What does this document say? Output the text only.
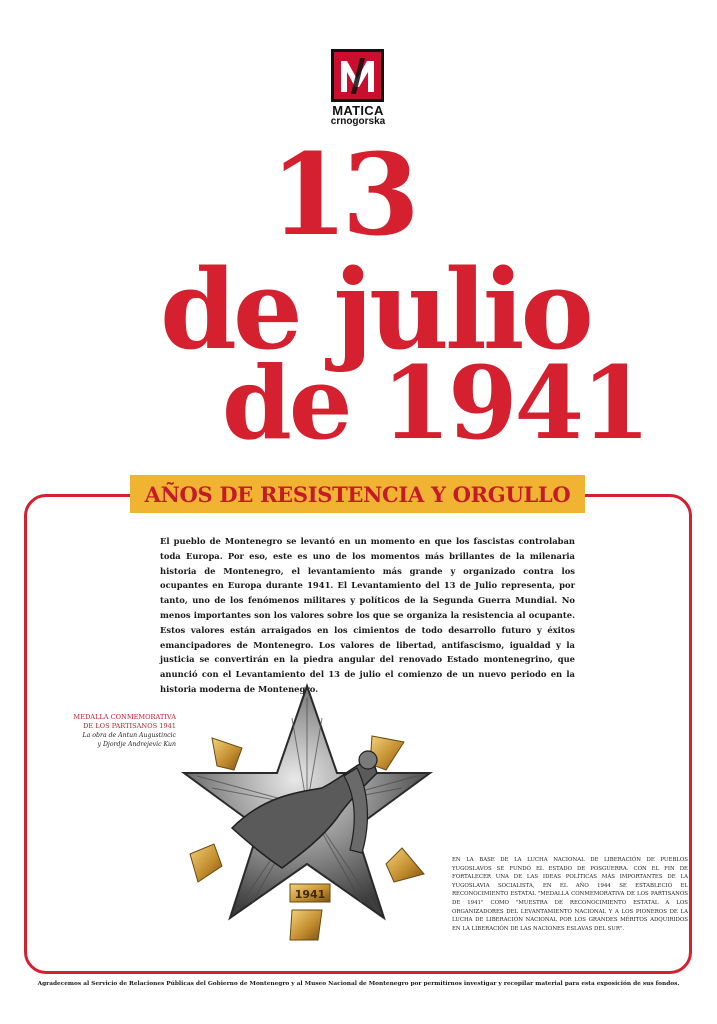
MATICA
crnogorska
13
de julio
de 1941
AÑOS DE RESISTENCIA Y ORGULLO
El pueblo de Montenegro se levantó en un momento en que los fascistas controlaban toda Europa. Por eso, este es uno de los momentos más brillantes de la milenaria historia de Montenegro, el levantamiento más grande y organizado contra los ocupantes en Europa durante 1941. El Levantamiento del 13 de Julio representa, por tanto, uno de los fenómenos militares y políticos de la Segunda Guerra Mundial. No menos importantes son los valores sobre los que se organiza la resistencia al ocupante. Estos valores están arraigados en los cimientos de todo desarrollo futuro y éxitos emancipadores de Montenegro. Los valores de libertad, antifascismo, igualdad y la justicia se convertirán en la piedra angular del renovado Estado montenegrino, que anunció con el Levantamiento del 13 de julio el comienzo de un nuevo periodo en la historia moderna de Montenegro.
MEDALLA CONMEMORATIVA
DE LOS PARTISANOS 1941
La obra de Antun Augustincic
y Djordje Andrejevic Kun
1941
EN LA BASE DE LA LUCHA NACIONAL DE LIBERACIÓN DE PUEBLOS YUGOSLAVOS SE FUNDÓ EL ESTADO DE POSGUERRA. CON EL FIN DE FORTALECER UNA DE LAS IDEAS POLÍTICAS MÁS IMPORTANTES DE LA YUGOSLAVIA SOCIALISTA, EN EL AÑO 1944 SE ESTABLECIÓ EL RECONOCIMIENTO ESTATAL "MEDALLA CONMEMORATIVA DE LOS PARTISANOS DE 1941" COMO "MUESTRA DE RECONOCIMIENTO ESTATAL A LOS ORGANIZADORES DEL LEVANTAMIENTO NACIONAL Y A LOS PIONEROS DE LA LUCHA DE LIBERACIÓN NACIONAL POR LOS GRANDES MÉRITOS ADQUIRIDOS EN LA LIBERACIÓN DE LAS NACIONES ESLAVAS DEL SUR".
Agradecemos al Servicio de Relaciones Públicas del Gobierno de Montenegro y al Museo Nacional de Montenegro por permitirnos investigar y recopilar material para esta exposición de sus fondos.
